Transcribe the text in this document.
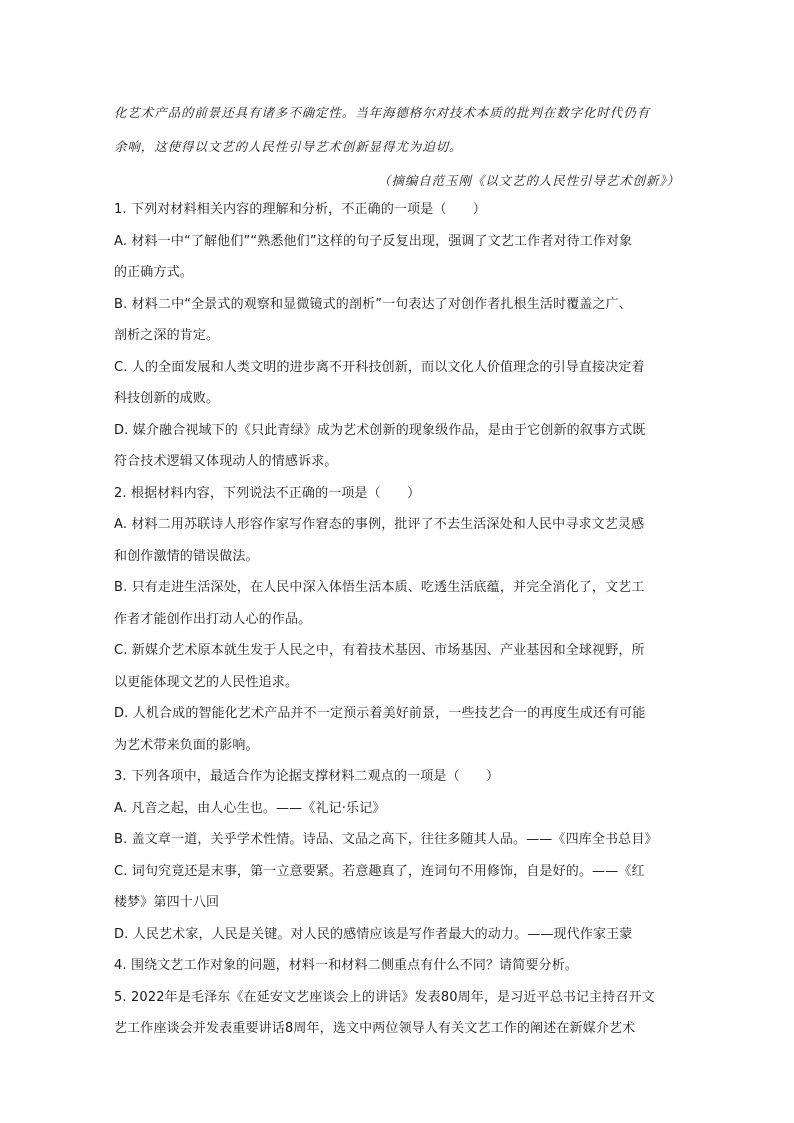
化艺术产品的前景还具有诸多不确定性。当年海德格尔对技术本质的批判在数字化时代仍有
余响，这使得以文艺的人民性引导艺术创新显得尤为迫切。
（摘编自范玉刚《以文艺的人民性引导艺术创新》）
1. 下列对材料相关内容的理解和分析，不正确的一项是（　　）
A. 材料一中“了解他们”“熟悉他们”这样的句子反复出现，强调了文艺工作者对待工作对象
的正确方式。
B. 材料二中“全景式的观察和显微镜式的剖析”一句表达了对创作者扎根生活时覆盖之广、
剖析之深的肯定。
C. 人的全面发展和人类文明的进步离不开科技创新，而以文化人价值理念的引导直接决定着
科技创新的成败。
D. 媒介融合视域下的《只此青绿》成为艺术创新的现象级作品，是由于它创新的叙事方式既
符合技术逻辑又体现动人的情感诉求。
2. 根据材料内容，下列说法不正确的一项是（　　）
A. 材料二用苏联诗人形容作家写作窘态的事例，批评了不去生活深处和人民中寻求文艺灵感
和创作激情的错误做法。
B. 只有走进生活深处，在人民中深入体悟生活本质、吃透生活底蕴，并完全消化了，文艺工
作者才能创作出打动人心的作品。
C. 新媒介艺术原本就生发于人民之中，有着技术基因、市场基因、产业基因和全球视野，所
以更能体现文艺的人民性追求。
D. 人机合成的智能化艺术产品并不一定预示着美好前景，一些技艺合一的再度生成还有可能
为艺术带来负面的影响。
3. 下列各项中，最适合作为论据支撑材料二观点的一项是（　　）
A. 凡音之起，由人心生也。——《礼记·乐记》
B. 盖文章一道，关乎学术性情。诗品、文品之高下，往往多随其人品。——《四库全书总目》
C. 词句究竟还是末事，第一立意要紧。若意趣真了，连词句不用修饰，自是好的。——《红
楼梦》第四十八回
D. 人民艺术家，人民是关键。对人民的感情应该是写作者最大的动力。——现代作家王蒙
4. 围绕文艺工作对象的问题，材料一和材料二侧重点有什么不同？请简要分析。
5. 2022年是毛泽东《在延安文艺座谈会上的讲话》发表80周年，是习近平总书记主持召开文
艺工作座谈会并发表重要讲话8周年，选文中两位领导人有关文艺工作的阐述在新媒介艺术
